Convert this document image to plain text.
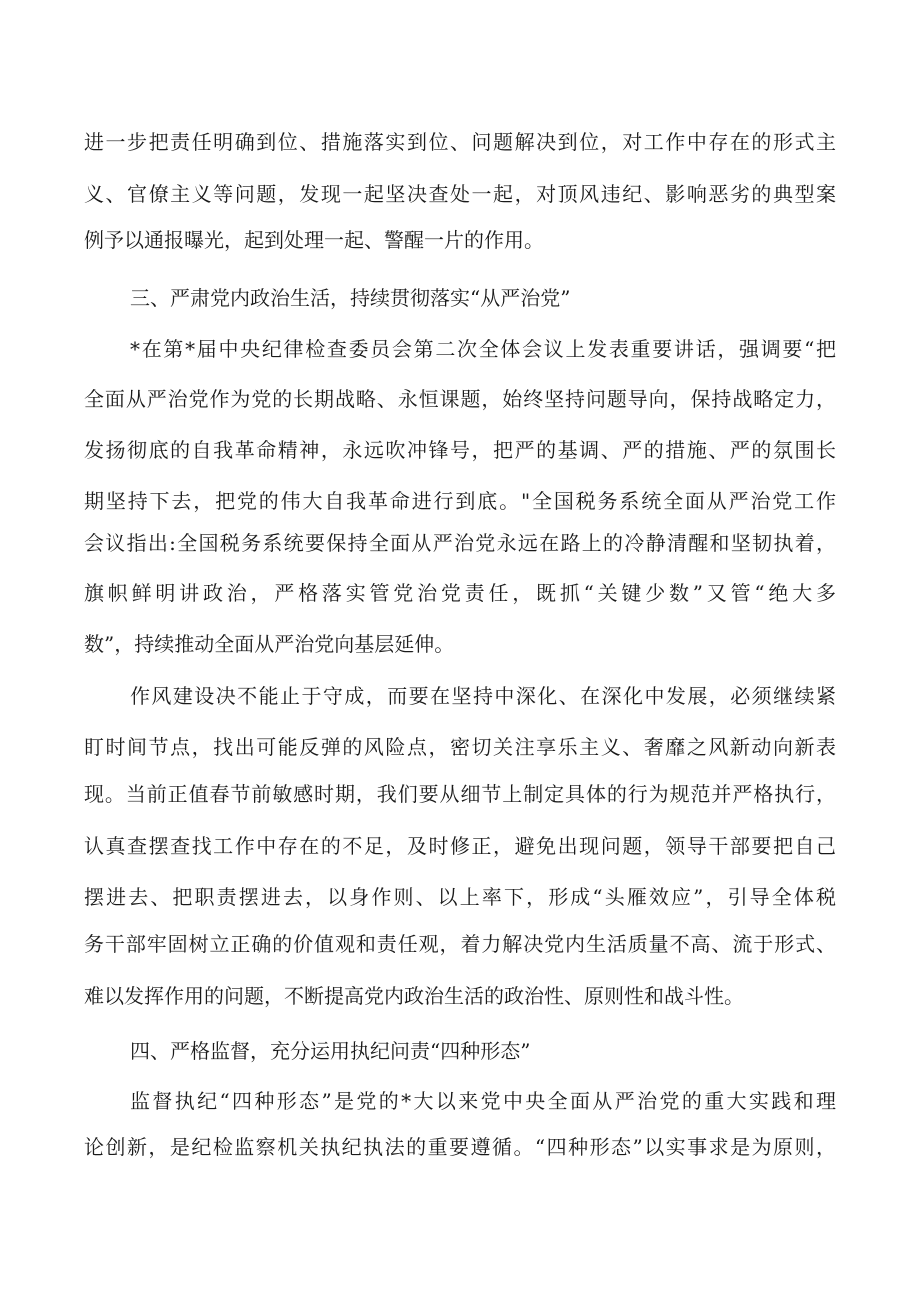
进一步把责任明确到位、措施落实到位、问题解决到位，对工作中存在的形式主
义、官僚主义等问题，发现一起坚决查处一起，对顶风违纪、影响恶劣的典型案
例予以通报曝光，起到处理一起、警醒一片的作用。
三、严肃党内政治生活，持续贯彻落实“从严治党”
*在第*届中央纪律检查委员会第二次全体会议上发表重要讲话，强调要“把
全面从严治党作为党的长期战略、永恒课题，始终坚持问题导向，保持战略定力，
发扬彻底的自我革命精神，永远吹冲锋号，把严的基调、严的措施、严的氛围长
期坚持下去，把党的伟大自我革命进行到底。"全国税务系统全面从严治党工作
会议指出:全国税务系统要保持全面从严治党永远在路上的冷静清醒和坚韧执着，
旗帜鲜明讲政治，严格落实管党治党责任，既抓“关键少数”又管“绝大多
数”，持续推动全面从严治党向基层延伸。
作风建设决不能止于守成，而要在坚持中深化、在深化中发展，必须继续紧
盯时间节点，找出可能反弹的风险点，密切关注享乐主义、奢靡之风新动向新表
现。当前正值春节前敏感时期，我们要从细节上制定具体的行为规范并严格执行，
认真查摆查找工作中存在的不足，及时修正，避免出现问题，领导干部要把自己
摆进去、把职责摆进去，以身作则、以上率下，形成“头雁效应”，引导全体税
务干部牢固树立正确的价值观和责任观，着力解决党内生活质量不高、流于形式、
难以发挥作用的问题，不断提高党内政治生活的政治性、原则性和战斗性。
四、严格监督，充分运用执纪问责“四种形态”
监督执纪“四种形态”是党的*大以来党中央全面从严治党的重大实践和理
论创新，是纪检监察机关执纪执法的重要遵循。“四种形态”以实事求是为原则，
